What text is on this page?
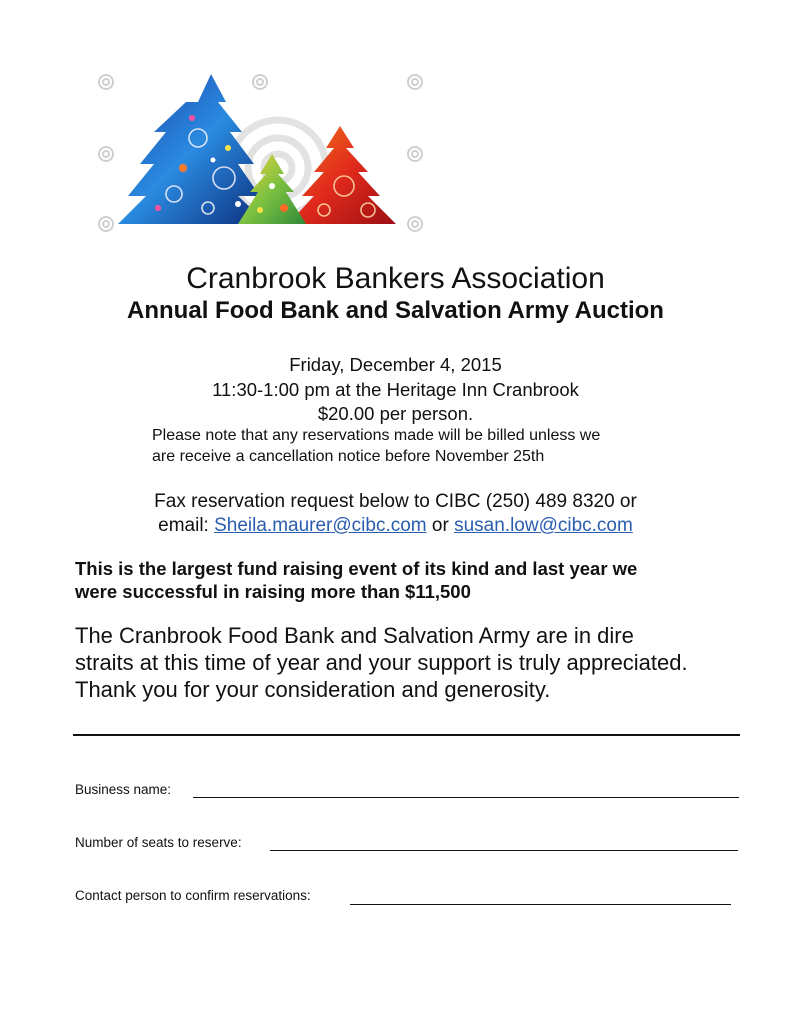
Cranbrook Bankers Association
Annual Food Bank and Salvation Army Auction
Friday, December 4, 2015
11:30-1:00 pm at the Heritage Inn Cranbrook
$20.00 per person.
Please note that any reservations made will be billed unless we
are receive a cancellation notice before November 25th
Fax reservation request below to CIBC (250) 489 8320 or
email: Sheila.maurer@cibc.com or susan.low@cibc.com
This is the largest fund raising event of its kind and last year we
were successful in raising more than $11,500
The Cranbrook Food Bank and Salvation Army are in dire
straits at this time of year and your support is truly appreciated.
Thank you for your consideration and generosity.
Business name:
Number of seats to reserve:
Contact person to confirm reservations:
